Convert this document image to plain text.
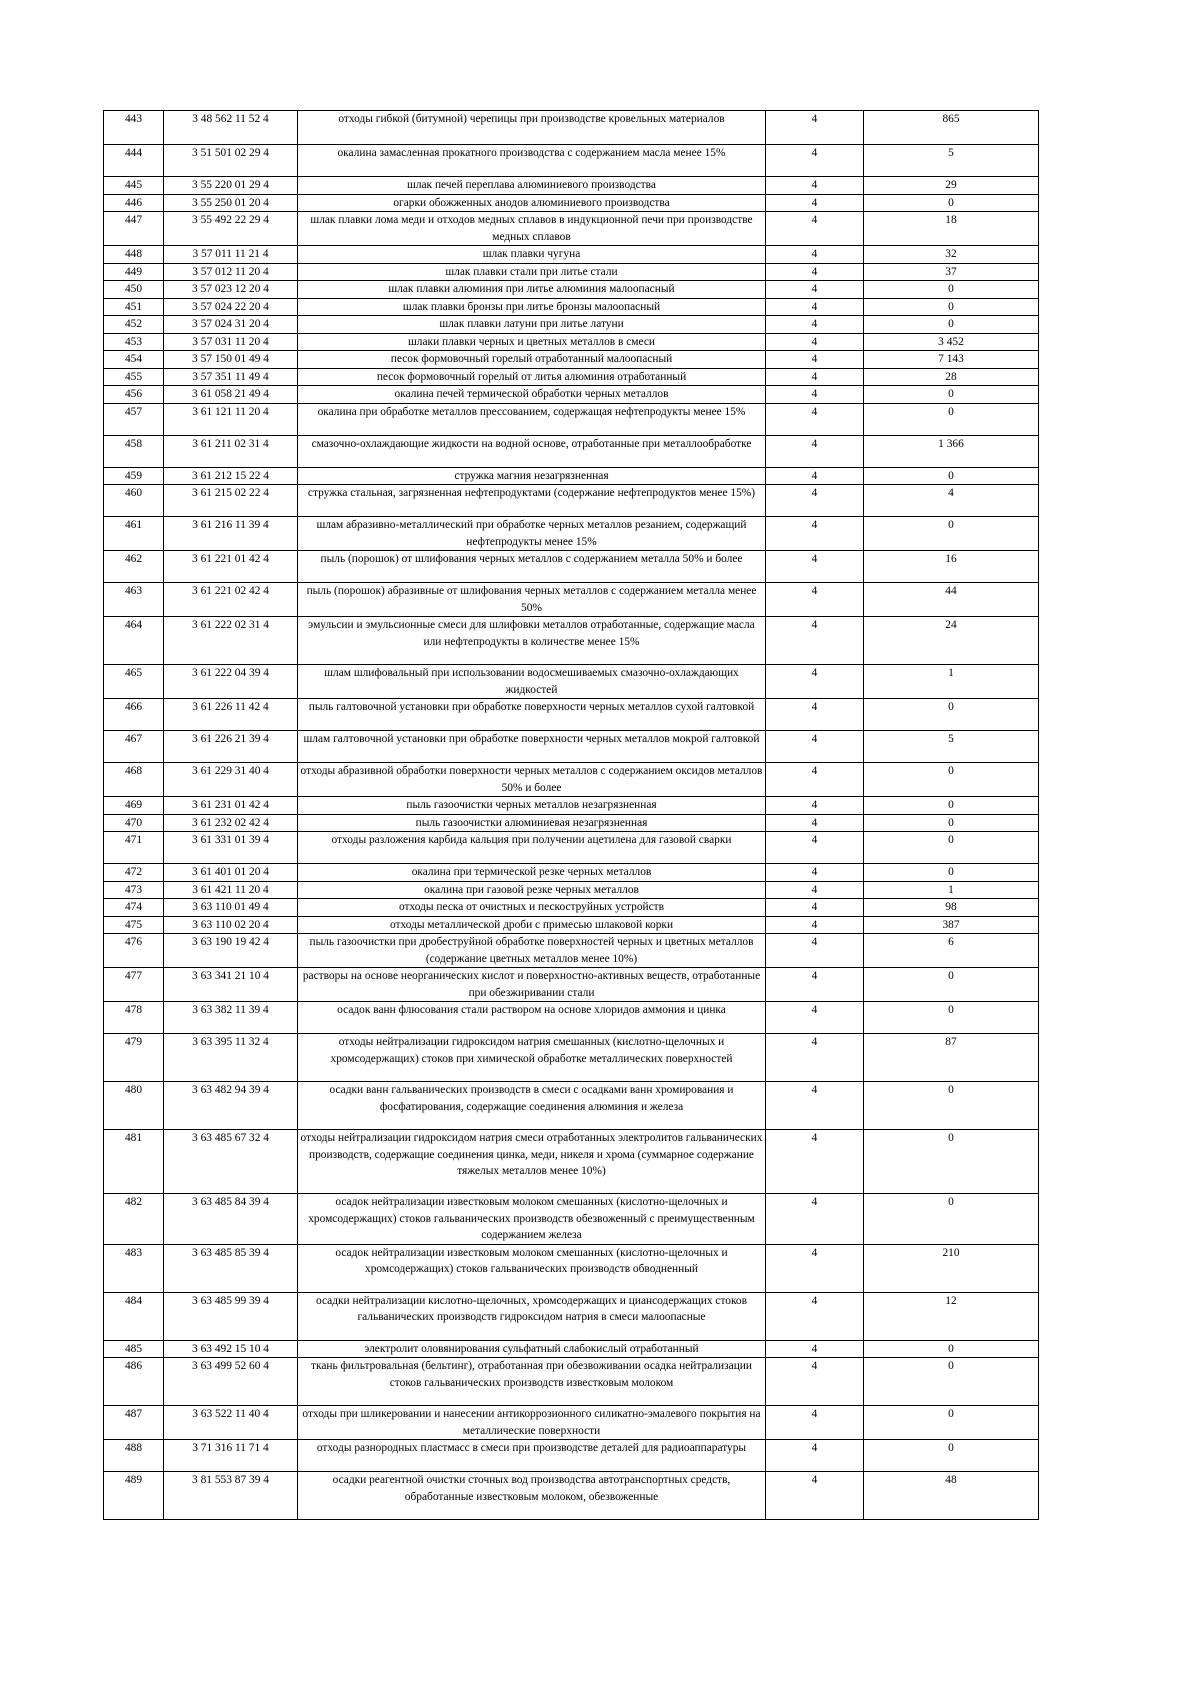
443	3 48 562 11 52 4	отходы гибкой (битумной) черепицы при производстве кровельных материалов	4	865
444	3 51 501 02 29 4	окалина замасленная прокатного производства с содержанием масла менее 15%	4	5
445	3 55 220 01 29 4	шлак печей переплава алюминиевого производства	4	29
446	3 55 250 01 20 4	огарки обожженных анодов алюминиевого производства	4	0
447	3 55 492 22 29 4	шлак плавки лома меди и отходов медных сплавов в индукционной печи при производстве медных сплавов	4	18
448	3 57 011 11 21 4	шлак плавки чугуна	4	32
449	3 57 012 11 20 4	шлак плавки стали при литье стали	4	37
450	3 57 023 12 20 4	шлак плавки алюминия при литье алюминия малоопасный	4	0
451	3 57 024 22 20 4	шлак плавки бронзы при литье бронзы малоопасный	4	0
452	3 57 024 31 20 4	шлак плавки латуни при литье латуни	4	0
453	3 57 031 11 20 4	шлаки плавки черных и цветных металлов в смеси	4	3 452
454	3 57 150 01 49 4	песок формовочный горелый отработанный малоопасный	4	7 143
455	3 57 351 11 49 4	песок формовочный горелый от литья алюминия отработанный	4	28
456	3 61 058 21 49 4	окалина печей термической обработки черных металлов	4	0
457	3 61 121 11 20 4	окалина при обработке металлов прессованием, содержащая нефтепродукты менее 15%	4	0
458	3 61 211 02 31 4	смазочно-охлаждающие жидкости на водной основе, отработанные при металлообработке	4	1 366
459	3 61 212 15 22 4	стружка магния незагрязненная	4	0
460	3 61 215 02 22 4	стружка стальная, загрязненная нефтепродуктами (содержание нефтепродуктов менее 15%)	4	4
461	3 61 216 11 39 4	шлам абразивно-металлический при обработке черных металлов резанием, содержащий нефтепродукты менее 15%	4	0
462	3 61 221 01 42 4	пыль (порошок) от шлифования черных металлов с содержанием металла 50% и более	4	16
463	3 61 221 02 42 4	пыль (порошок) абразивные от шлифования черных металлов с содержанием металла менее 50%	4	44
464	3 61 222 02 31 4	эмульсии и эмульсионные смеси для шлифовки металлов отработанные, содержащие масла или нефтепродукты в количестве менее 15%	4	24
465	3 61 222 04 39 4	шлам шлифовальный при использовании водосмешиваемых смазочно-охлаждающих жидкостей	4	1
466	3 61 226 11 42 4	пыль галтовочной установки при обработке поверхности черных металлов сухой галтовкой	4	0
467	3 61 226 21 39 4	шлам галтовочной установки при обработке поверхности черных металлов мокрой галтовкой	4	5
468	3 61 229 31 40 4	отходы абразивной обработки поверхности черных металлов с содержанием оксидов металлов 50% и более	4	0
469	3 61 231 01 42 4	пыль газоочистки черных металлов незагрязненная	4	0
470	3 61 232 02 42 4	пыль газоочистки алюминиевая незагрязненная	4	0
471	3 61 331 01 39 4	отходы разложения карбида кальция при получении ацетилена для газовой сварки	4	0
472	3 61 401 01 20 4	окалина при термической резке черных металлов	4	0
473	3 61 421 11 20 4	окалина при газовой резке черных металлов	4	1
474	3 63 110 01 49 4	отходы песка от очистных и пескоструйных устройств	4	98
475	3 63 110 02 20 4	отходы металлической дроби с примесью шлаковой корки	4	387
476	3 63 190 19 42 4	пыль газоочистки при дробеструйной обработке поверхностей черных и цветных металлов (содержание цветных металлов менее 10%)	4	6
477	3 63 341 21 10 4	растворы на основе неорганических кислот и поверхностно-активных веществ, отработанные при обезжиривании стали	4	0
478	3 63 382 11 39 4	осадок ванн флюсования стали раствором на основе хлоридов аммония и цинка	4	0
479	3 63 395 11 32 4	отходы нейтрализации гидроксидом натрия смешанных (кислотно-щелочных и хромсодержащих) стоков при химической обработке металлических поверхностей	4	87
480	3 63 482 94 39 4	осадки ванн гальванических производств в смеси с осадками ванн хромирования и фосфатирования, содержащие соединения алюминия и железа	4	0
481	3 63 485 67 32 4	отходы нейтрализации гидроксидом натрия смеси отработанных электролитов гальванических производств, содержащие соединения цинка, меди, никеля и хрома (суммарное содержание тяжелых металлов менее 10%)	4	0
482	3 63 485 84 39 4	осадок нейтрализации известковым молоком смешанных (кислотно-щелочных и хромсодержащих) стоков гальванических производств обезвоженный с преимущественным содержанием железа	4	0
483	3 63 485 85 39 4	осадок нейтрализации известковым молоком смешанных (кислотно-щелочных и хромсодержащих) стоков гальванических производств обводненный	4	210
484	3 63 485 99 39 4	осадки нейтрализации кислотно-щелочных, хромсодержащих и циансодержащих стоков гальванических производств гидроксидом натрия в смеси малоопасные	4	12
485	3 63 492 15 10 4	электролит оловянирования сульфатный слабокислый отработанный	4	0
486	3 63 499 52 60 4	ткань фильтровальная (бельтинг), отработанная при обезвоживании осадка нейтрализации стоков гальванических производств известковым молоком	4	0
487	3 63 522 11 40 4	отходы при шликеровании и нанесении антикоррозионного силикатно-эмалевого покрытия на металлические поверхности	4	0
488	3 71 316 11 71 4	отходы разнородных пластмасс в смеси при производстве деталей для радиоаппаратуры	4	0
489	3 81 553 87 39 4	осадки реагентной очистки сточных вод производства автотранспортных средств, обработанные известковым молоком, обезвоженные	4	48
